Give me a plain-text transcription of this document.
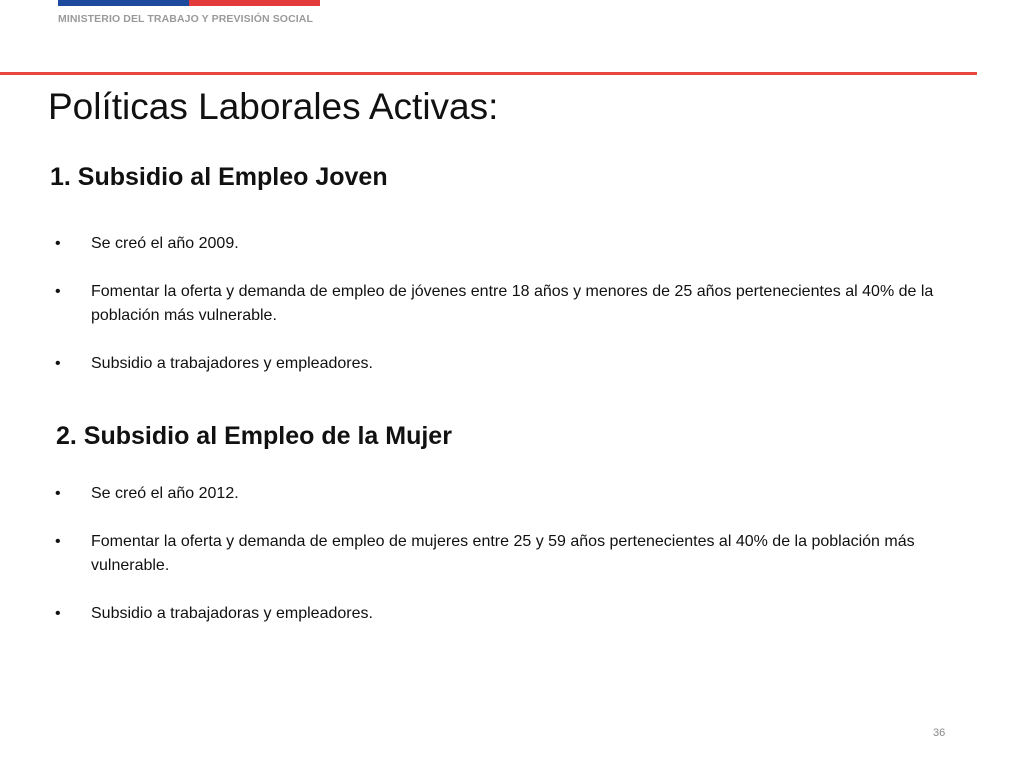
MINISTERIO DEL TRABAJO Y PREVISIÓN SOCIAL
Políticas Laborales Activas:
1. Subsidio al Empleo Joven
• Se creó el año 2009.
• Fomentar la oferta y demanda de empleo de jóvenes entre 18 años y menores de 25 años pertenecientes al 40% de la población más vulnerable.
• Subsidio a trabajadores y empleadores.
2. Subsidio al Empleo de la Mujer
• Se creó el año 2012.
• Fomentar la oferta y demanda de empleo de mujeres entre 25 y 59 años pertenecientes al 40% de la población más vulnerable.
• Subsidio a trabajadoras y empleadores.
36
